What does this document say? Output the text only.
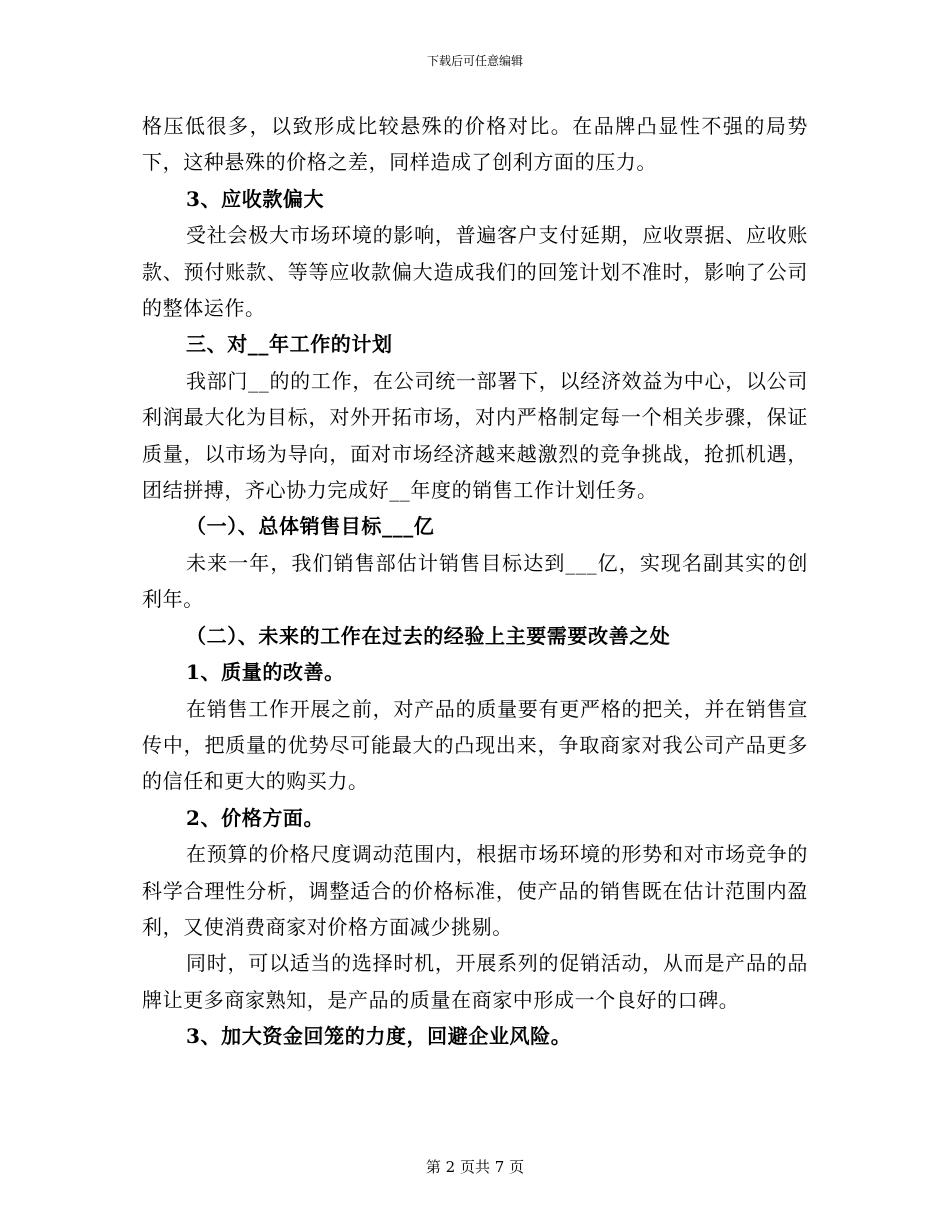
下载后可任意编辑

格压低很多，以致形成比较悬殊的价格对比。在品牌凸显性不强的局势下，这种悬殊的价格之差，同样造成了创利方面的压力。

3、应收款偏大

受社会极大市场环境的影响，普遍客户支付延期，应收票据、应收账款、预付账款、等等应收款偏大造成我们的回笼计划不准时，影响了公司的整体运作。

三、对__年工作的计划

我部门__的的工作，在公司统一部署下，以经济效益为中心，以公司利润最大化为目标，对外开拓市场，对内严格制定每一个相关步骤，保证质量，以市场为导向，面对市场经济越来越激烈的竞争挑战，抢抓机遇，团结拼搏，齐心协力完成好__年度的销售工作计划任务。

（一）、总体销售目标___亿

未来一年，我们销售部估计销售目标达到___亿，实现名副其实的创利年。

（二）、未来的工作在过去的经验上主要需要改善之处

1、质量的改善。

在销售工作开展之前，对产品的质量要有更严格的把关，并在销售宣传中，把质量的优势尽可能最大的凸现出来，争取商家对我公司产品更多的信任和更大的购买力。

2、价格方面。

在预算的价格尺度调动范围内，根据市场环境的形势和对市场竞争的科学合理性分析，调整适合的价格标准，使产品的销售既在估计范围内盈利，又使消费商家对价格方面减少挑剔。

同时，可以适当的选择时机，开展系列的促销活动，从而是产品的品牌让更多商家熟知，是产品的质量在商家中形成一个良好的口碑。

3、加大资金回笼的力度，回避企业风险。

第 2 页共 7 页
